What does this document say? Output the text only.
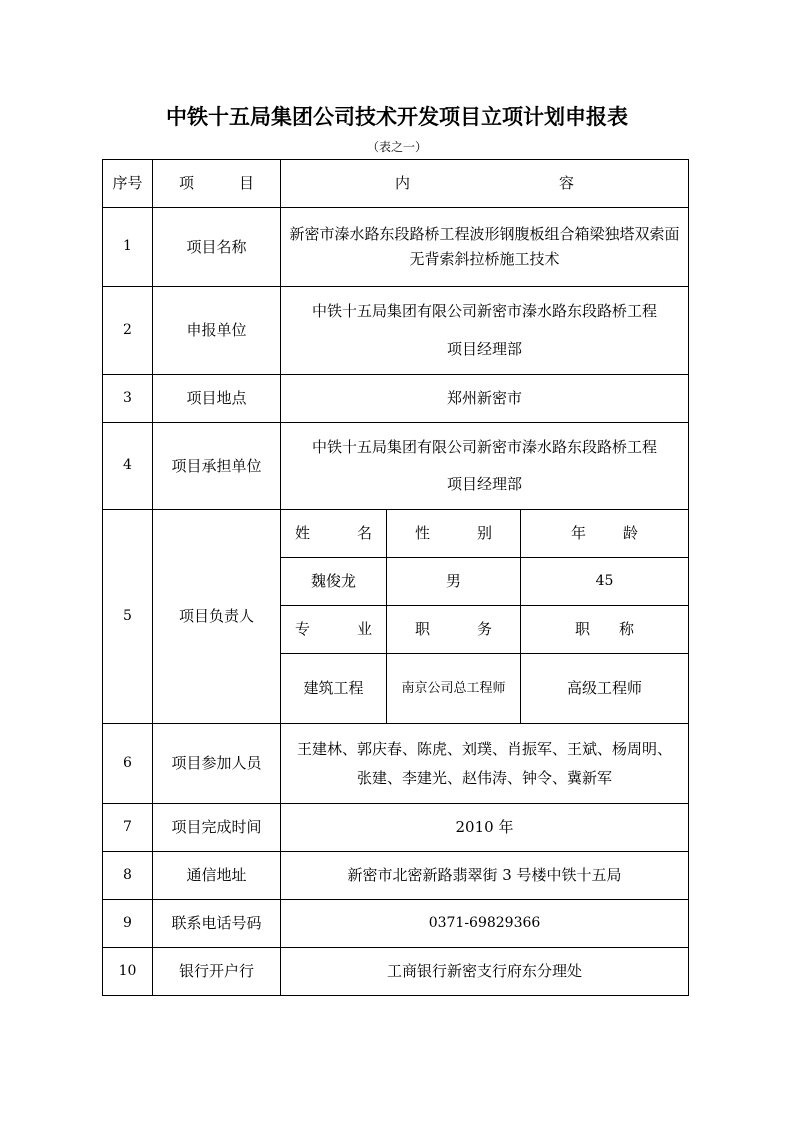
中铁十五局集团公司技术开发项目立项计划申报表
（表之一）
序号	项 目	内 容		

1	项目名称	新密市溱水路东段路桥工程波形钢腹板组合箱梁独塔双索面无背索斜拉桥施工技术		
2	申报单位	中铁十五局集团有限公司新密市溱水路东段路桥工程
项目经理部		

3	项目地点	郑州新密市		
4	项目承担单位	中铁十五局集团有限公司新密市溱水路东段路桥工程
项目经理部		

5	项目负责人	姓 名	性 别	年 龄

		魏俊龙	男	45

		专 业	职 务	职 称

		建筑工程	南京公司总工程师	高级工程师
6	项目参加人员	王建林、郭庆春、陈虎、刘璞、肖振军、王斌、杨周明、
张建、李建光、赵伟涛、钟令、冀新军		

7	项目完成时间	2010 年		
8	通信地址	新密市北密新路翡翠街 3 号楼中铁十五局		
9	联系电话号码	0371-69829366		
10	银行开户行	工商银行新密支行府东分理处		
